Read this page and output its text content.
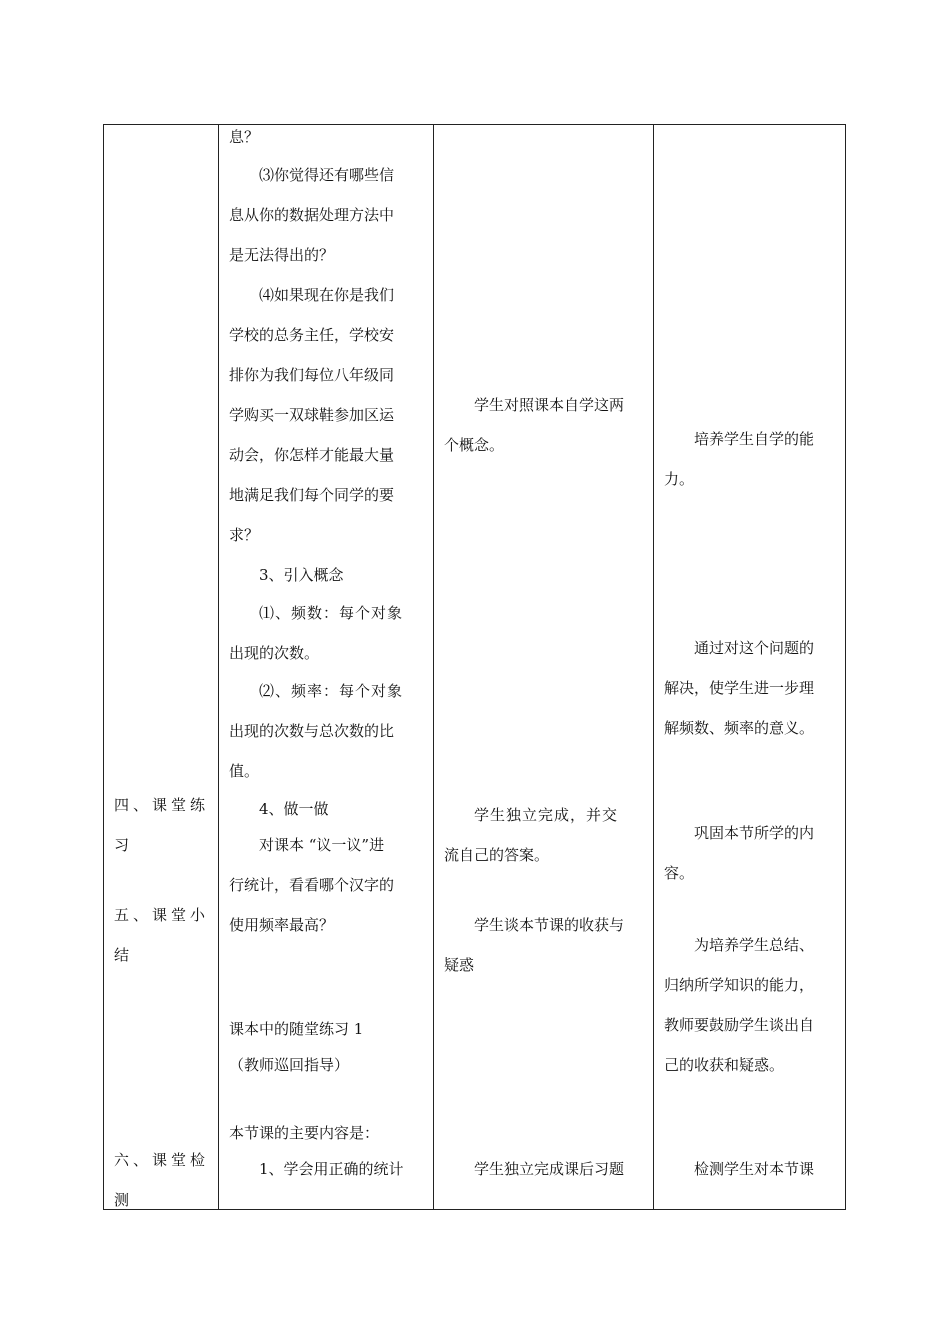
四、课堂练
习
五、课堂小
结
六、课堂检
测
息？
⑶你觉得还有哪些信
息从你的数据处理方法中
是无法得出的？
⑷如果现在你是我们
学校的总务主任，学校安
排你为我们每位八年级同
学购买一双球鞋参加区运
动会，你怎样才能最大量
地满足我们每个同学的要
求？
3、引入概念
⑴、频数：每个对象
出现的次数。
⑵、频率：每个对象
出现的次数与总次数的比
值。
4、做一做
对课本 “议一议”进
行统计，看看哪个汉字的
使用频率最高？
课本中的随堂练习 1
（教师巡回指导）
本节课的主要内容是：
1、学会用正确的统计
学生对照课本自学这两
个概念。
学生独立完成，并交
流自己的答案。
学生谈本节课的收获与
疑惑
学生独立完成课后习题
培养学生自学的能
力。
通过对这个问题的
解决，使学生进一步理
解频数、频率的意义。
巩固本节所学的内
容。
为培养学生总结、
归纳所学知识的能力，
教师要鼓励学生谈出自
己的收获和疑惑。
检测学生对本节课
